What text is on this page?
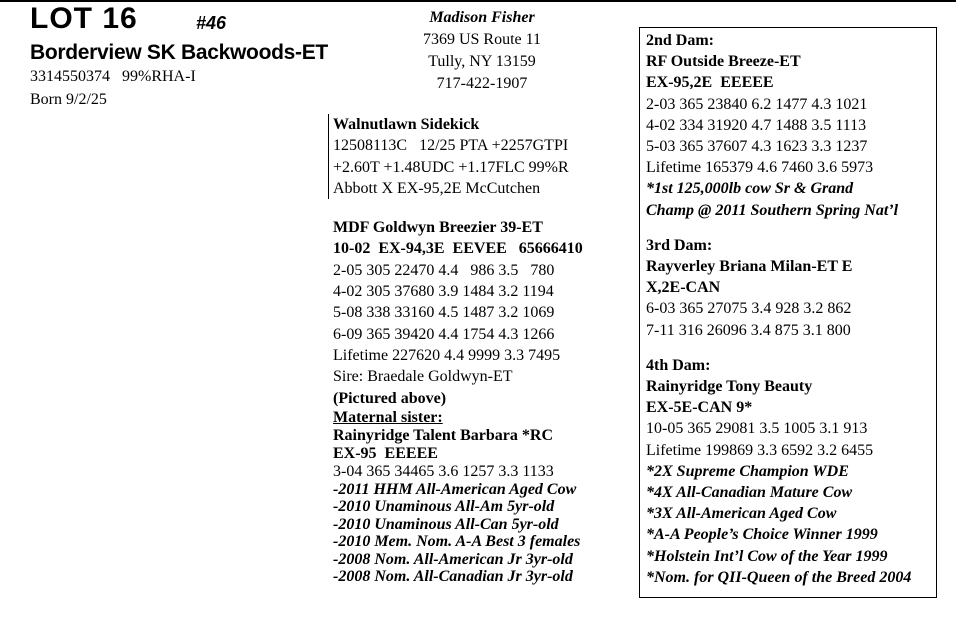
LOT 16	#46
Borderview SK Backwoods-ET
3314550374   99%RHA-I
Born 9/2/25
Madison Fisher
7369 US Route 11
Tully, NY 13159
717-422-1907
Walnutlawn Sidekick
12508113C   12/25 PTA +2257GTPI
+2.60T +1.48UDC +1.17FLC 99%R
Abbott X EX-95,2E McCutchen
MDF Goldwyn Breezier 39-ET
10-02  EX-94,3E  EEVEE   65666410
2-05 305 22470 4.4   986 3.5   780
4-02 305 37680 3.9 1484 3.2 1194
5-08 338 33160 4.5 1487 3.2 1069
6-09 365 39420 4.4 1754 4.3 1266
Lifetime 227620 4.4 9999 3.3 7495
Sire: Braedale Goldwyn-ET
(Pictured above)
Maternal sister:
Rainyridge Talent Barbara *RC
EX-95  EEEEE
3-04 365 34465 3.6 1257 3.3 1133
-2011 HHM All-American Aged Cow
-2010 Unaminous All-Am 5yr-old
-2010 Unaminous All-Can 5yr-old
-2010 Mem. Nom. A-A Best 3 females
-2008 Nom. All-American Jr 3yr-old
-2008 Nom. All-Canadian Jr 3yr-old
2nd Dam:
RF Outside Breeze-ET
EX-95,2E  EEEEE
2-03 365 23840 6.2 1477 4.3 1021
4-02 334 31920 4.7 1488 3.5 1113
5-03 365 37607 4.3 1623 3.3 1237
Lifetime 165379 4.6 7460 3.6 5973
*1st 125,000lb cow Sr & Grand
Champ @ 2011 Southern Spring Nat’l
3rd Dam:
Rayverley Briana Milan-ET E
X,2E-CAN
6-03 365 27075 3.4 928 3.2 862
7-11 316 26096 3.4 875 3.1 800
4th Dam:
Rainyridge Tony Beauty
EX-5E-CAN 9*
10-05 365 29081 3.5 1005 3.1 913
Lifetime 199869 3.3 6592 3.2 6455
*2X Supreme Champion WDE
*4X All-Canadian Mature Cow
*3X All-American Aged Cow
*A-A People’s Choice Winner 1999
*Holstein Int’l Cow of the Year 1999
*Nom. for QII-Queen of the Breed 2004
